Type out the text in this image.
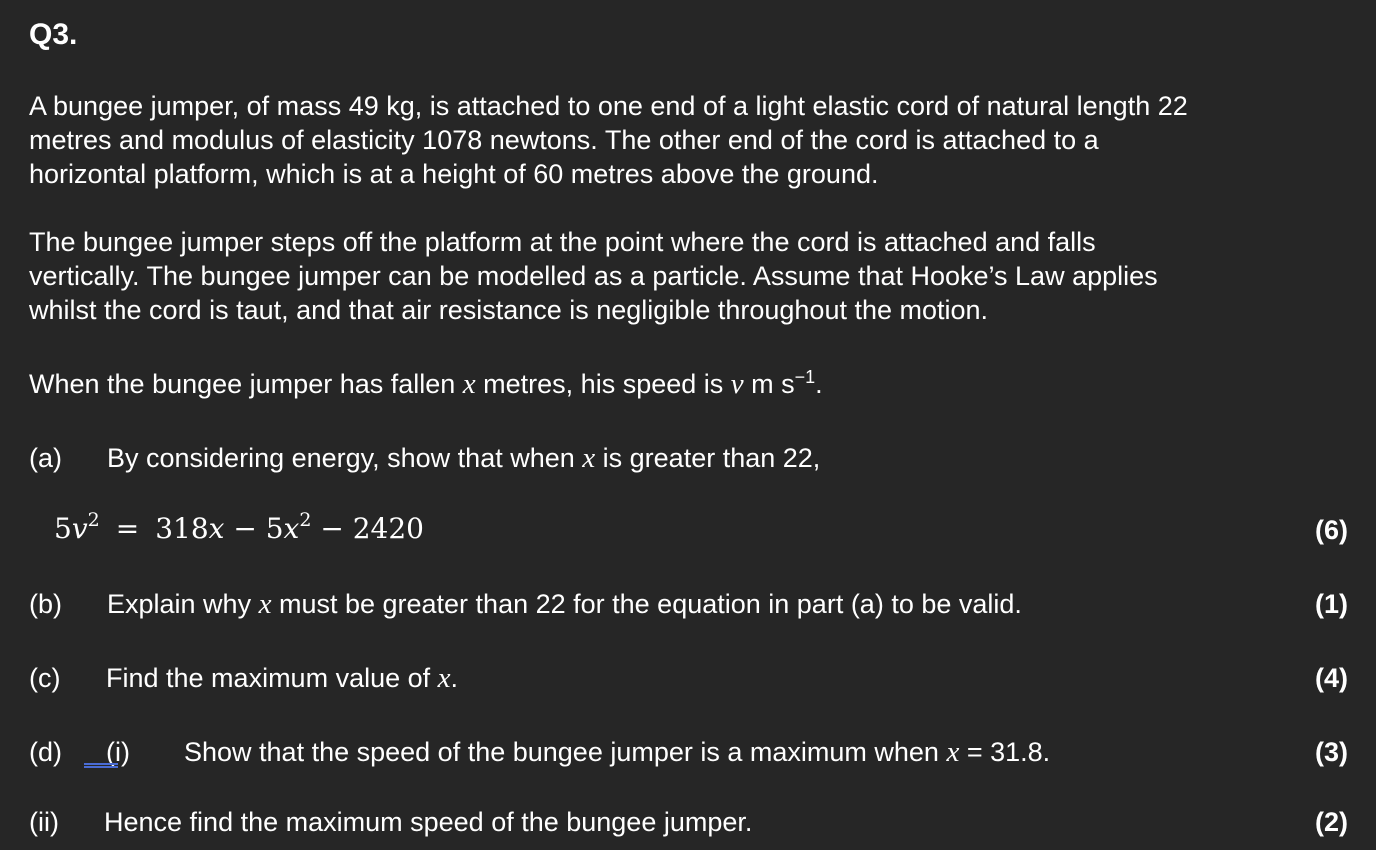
Q3.
A bungee jumper, of mass 49 kg, is attached to one end of a light elastic cord of natural length 22
metres and modulus of elasticity 1078 newtons. The other end of the cord is attached to a
horizontal platform, which is at a height of 60 metres above the ground.
The bungee jumper steps off the platform at the point where the cord is attached and falls
vertically. The bungee jumper can be modelled as a particle. Assume that Hooke’s Law applies
whilst the cord is taut, and that air resistance is negligible throughout the motion.
When the bungee jumper has fallen x metres, his speed is v m $s^{-1}$.
(a) By considering energy, show that when x is greater than 22,
$5v^2 = 318x - 5x^2 - 2420$	(6)
(b) Explain why x must be greater than 22 for the equation in part (a) to be valid.	(1)
(c) Find the maximum value of x.	(4)
(d) (i) Show that the speed of the bungee jumper is a maximum when x = 31.8.	(3)
(ii) Hence find the maximum speed of the bungee jumper.	(2)
